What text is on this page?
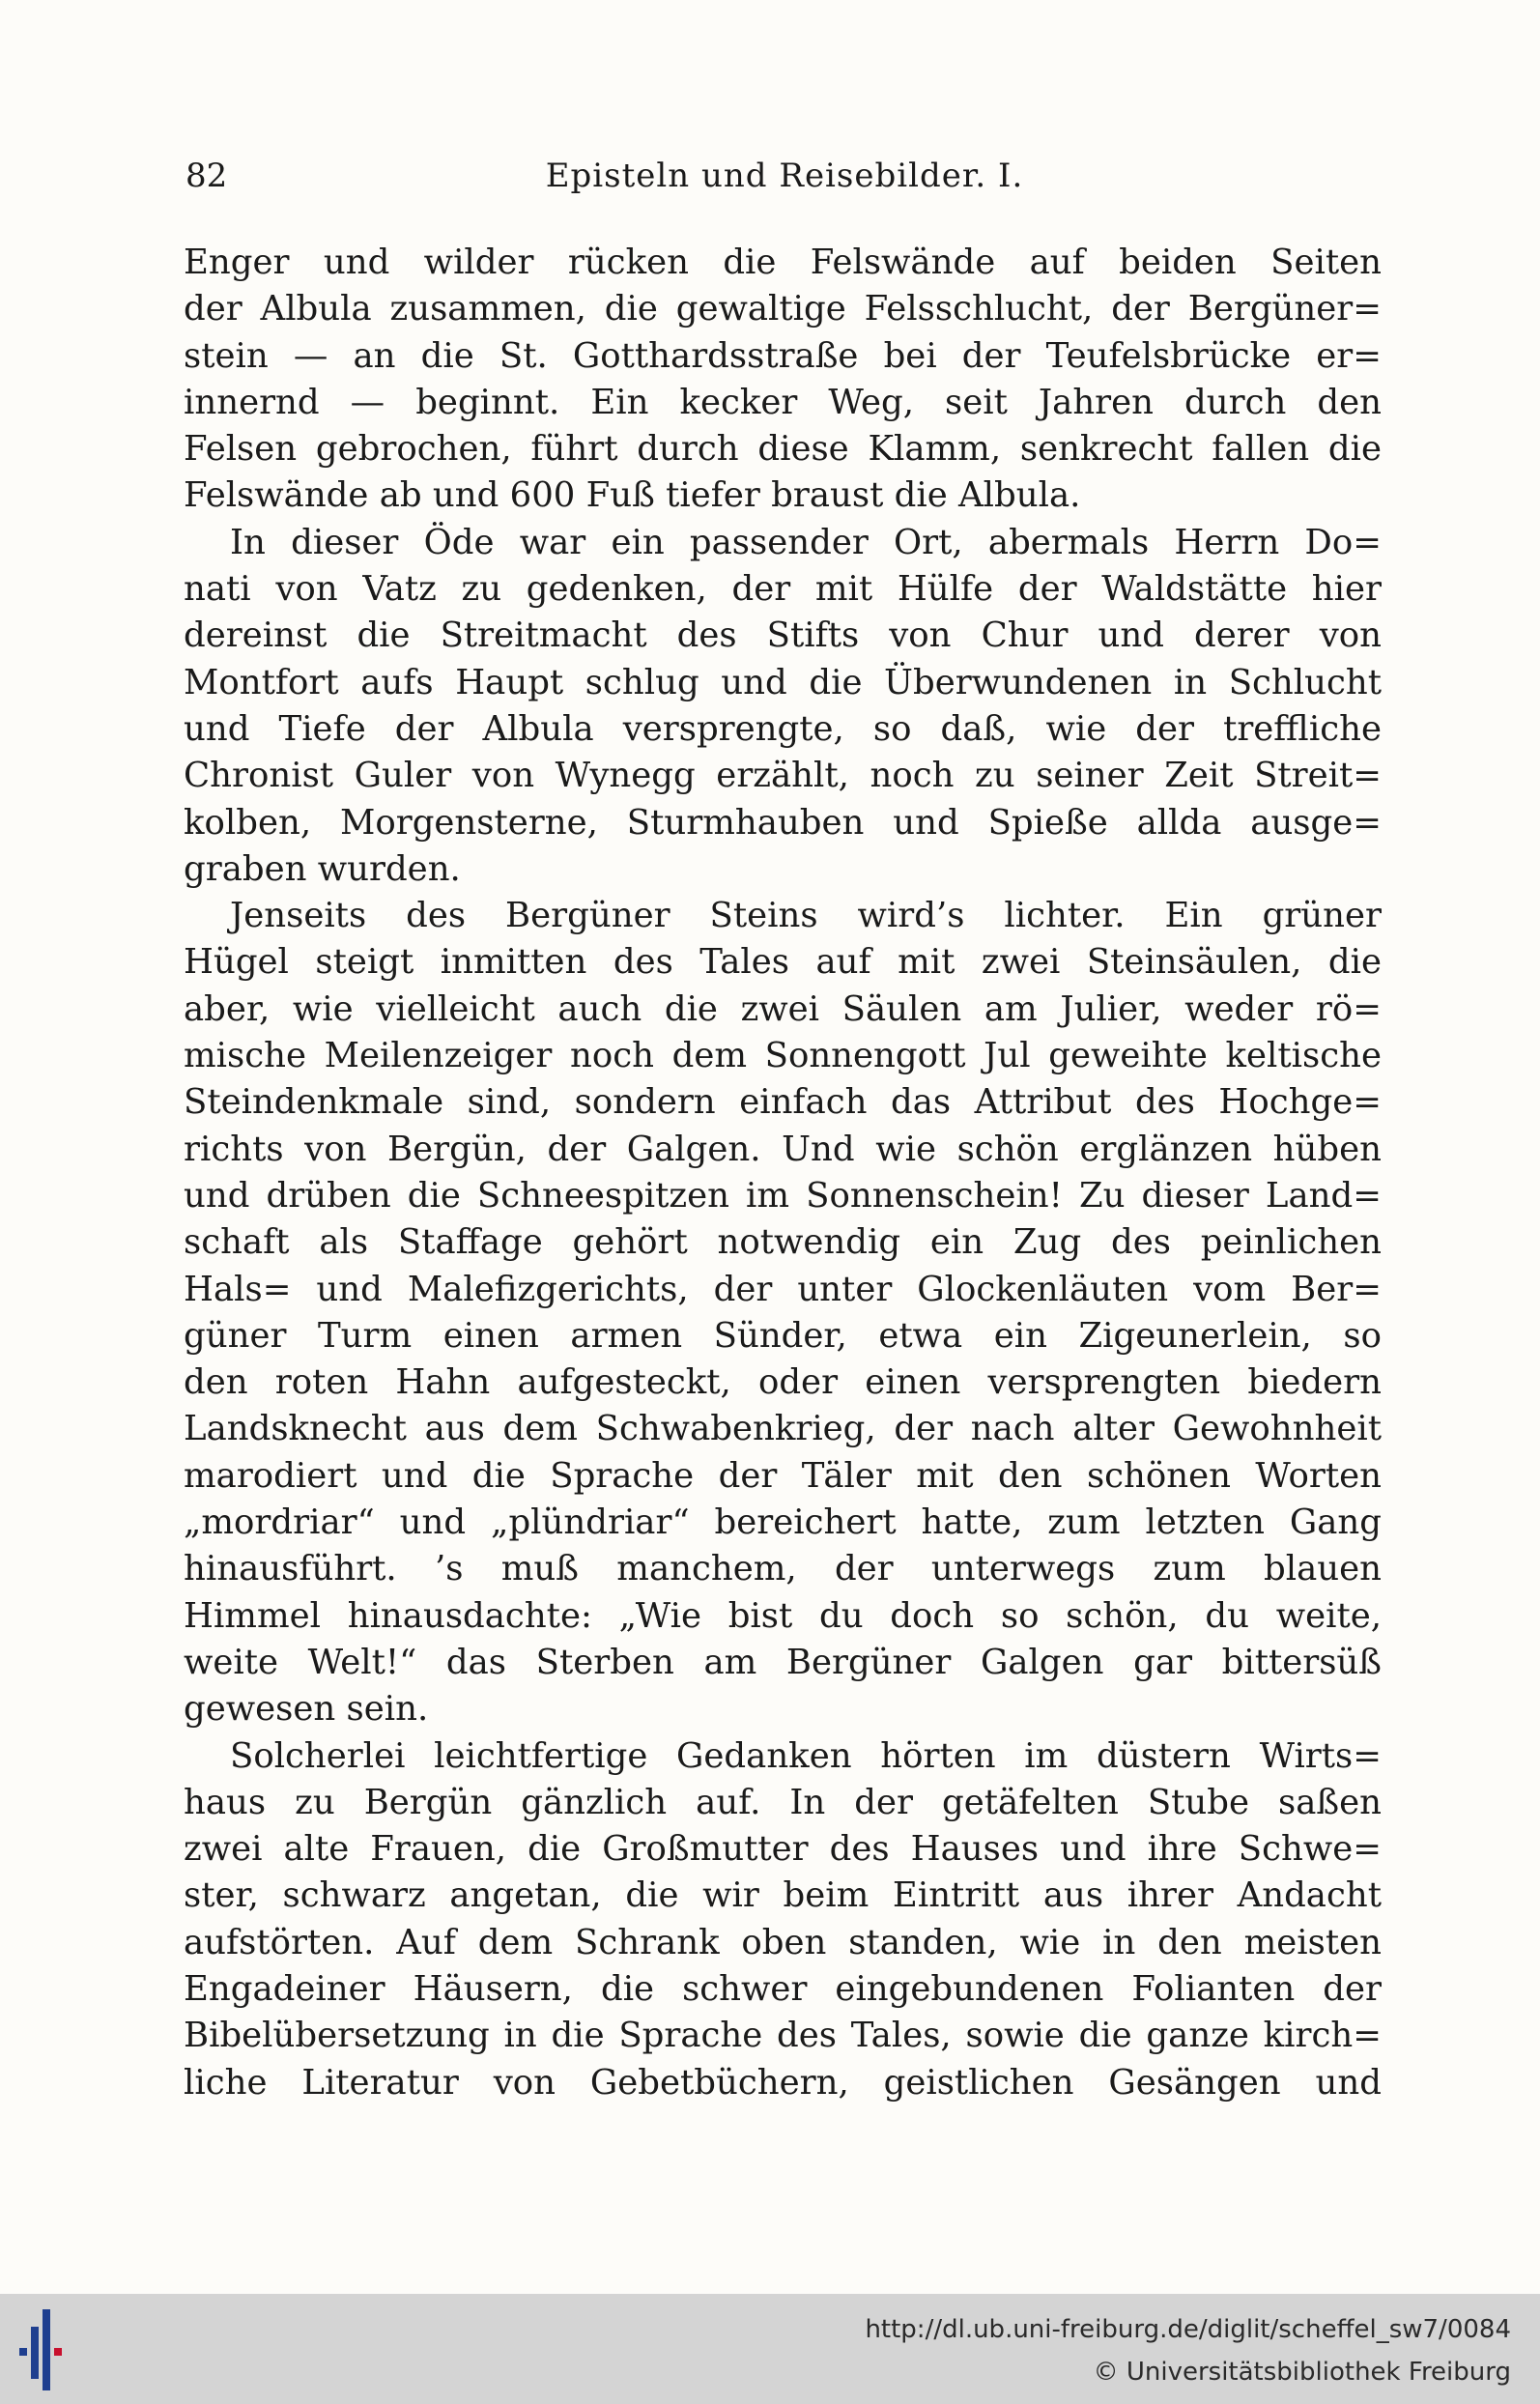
82	Episteln und Reisebilder. I.
Enger und wilder rücken die Felswände auf beiden Seiten
der Albula zusammen, die gewaltige Felsschlucht, der Bergüner=
stein — an die St. Gotthardsstraße bei der Teufelsbrücke er=
innernd — beginnt. Ein kecker Weg, seit Jahren durch den
Felsen gebrochen, führt durch diese Klamm, senkrecht fallen die
Felswände ab und 600 Fuß tiefer braust die Albula.
In dieser Öde war ein passender Ort, abermals Herrn Do=
nati von Vatz zu gedenken, der mit Hülfe der Waldstätte hier
dereinst die Streitmacht des Stifts von Chur und derer von
Montfort aufs Haupt schlug und die Überwundenen in Schlucht
und Tiefe der Albula versprengte, so daß, wie der treffliche
Chronist Guler von Wynegg erzählt, noch zu seiner Zeit Streit=
kolben, Morgensterne, Sturmhauben und Spieße allda ausge=
graben wurden.
Jenseits des Bergüner Steins wird’s lichter. Ein grüner
Hügel steigt inmitten des Tales auf mit zwei Steinsäulen, die
aber, wie vielleicht auch die zwei Säulen am Julier, weder rö=
mische Meilenzeiger noch dem Sonnengott Jul geweihte keltische
Steindenkmale sind, sondern einfach das Attribut des Hochge=
richts von Bergün, der Galgen. Und wie schön erglänzen hüben
und drüben die Schneespitzen im Sonnenschein! Zu dieser Land=
schaft als Staffage gehört notwendig ein Zug des peinlichen
Hals= und Malefizgerichts, der unter Glockenläuten vom Ber=
güner Turm einen armen Sünder, etwa ein Zigeunerlein, so
den roten Hahn aufgesteckt, oder einen versprengten biedern
Landsknecht aus dem Schwabenkrieg, der nach alter Gewohnheit
marodiert und die Sprache der Täler mit den schönen Worten
„mordriar“ und „plündriar“ bereichert hatte, zum letzten Gang
hinausführt. ’s muß manchem, der unterwegs zum blauen
Himmel hinausdachte: „Wie bist du doch so schön, du weite,
weite Welt!“ das Sterben am Bergüner Galgen gar bittersüß
gewesen sein.
Solcherlei leichtfertige Gedanken hörten im düstern Wirts=
haus zu Bergün gänzlich auf. In der getäfelten Stube saßen
zwei alte Frauen, die Großmutter des Hauses und ihre Schwe=
ster, schwarz angetan, die wir beim Eintritt aus ihrer Andacht
aufstörten. Auf dem Schrank oben standen, wie in den meisten
Engadeiner Häusern, die schwer eingebundenen Folianten der
Bibelübersetzung in die Sprache des Tales, sowie die ganze kirch=
liche Literatur von Gebetbüchern, geistlichen Gesängen und
http://dl.ub.uni-freiburg.de/diglit/scheffel_sw7/0084
© Universitätsbibliothek Freiburg
